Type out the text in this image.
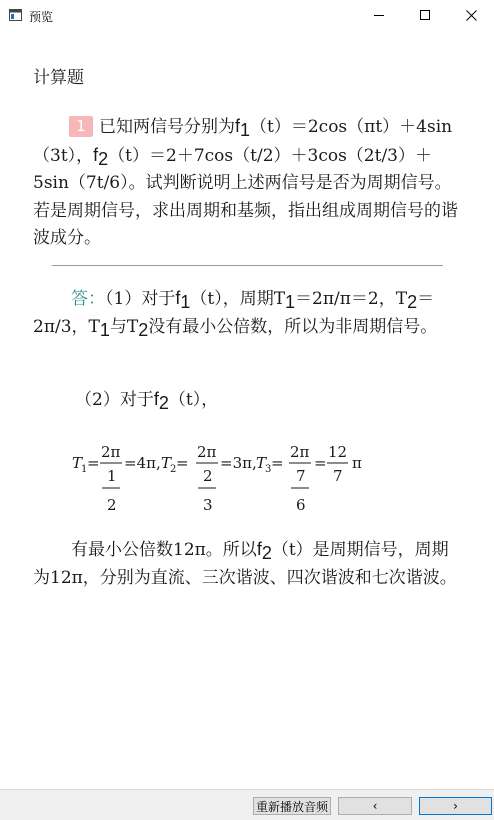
预览
计算题
1 已知两信号分别为$f_1(t)=2\cos(\pi t)+4\sin(3t)$，$f_2(t)=2+7\cos(t/2)+3\cos(2t/3)+5\sin(7t/6)$。试判断说明上述两信号是否为周期信号。若是周期信号，求出周期和基频，指出组成周期信号的谐波成分。
答：（1）对于$f_1(t)$，周期$T_1=2\pi/\pi=2$，$T_2=2\pi/3$，$T_1$与$T_2$没有最小公倍数，所以为非周期信号。
（2）对于$f_2(t)$，
T
1 =
2π
1
2
=4π, T
2 =
2π
2
3
=3π, T
3 =
2π
7
6
=
12
7
π
有最小公倍数12π。所以$f_2(t)$是周期信号，周期为12π，分别为直流、三次谐波、四次谐波和七次谐波。
重新播放音频	‹	›
